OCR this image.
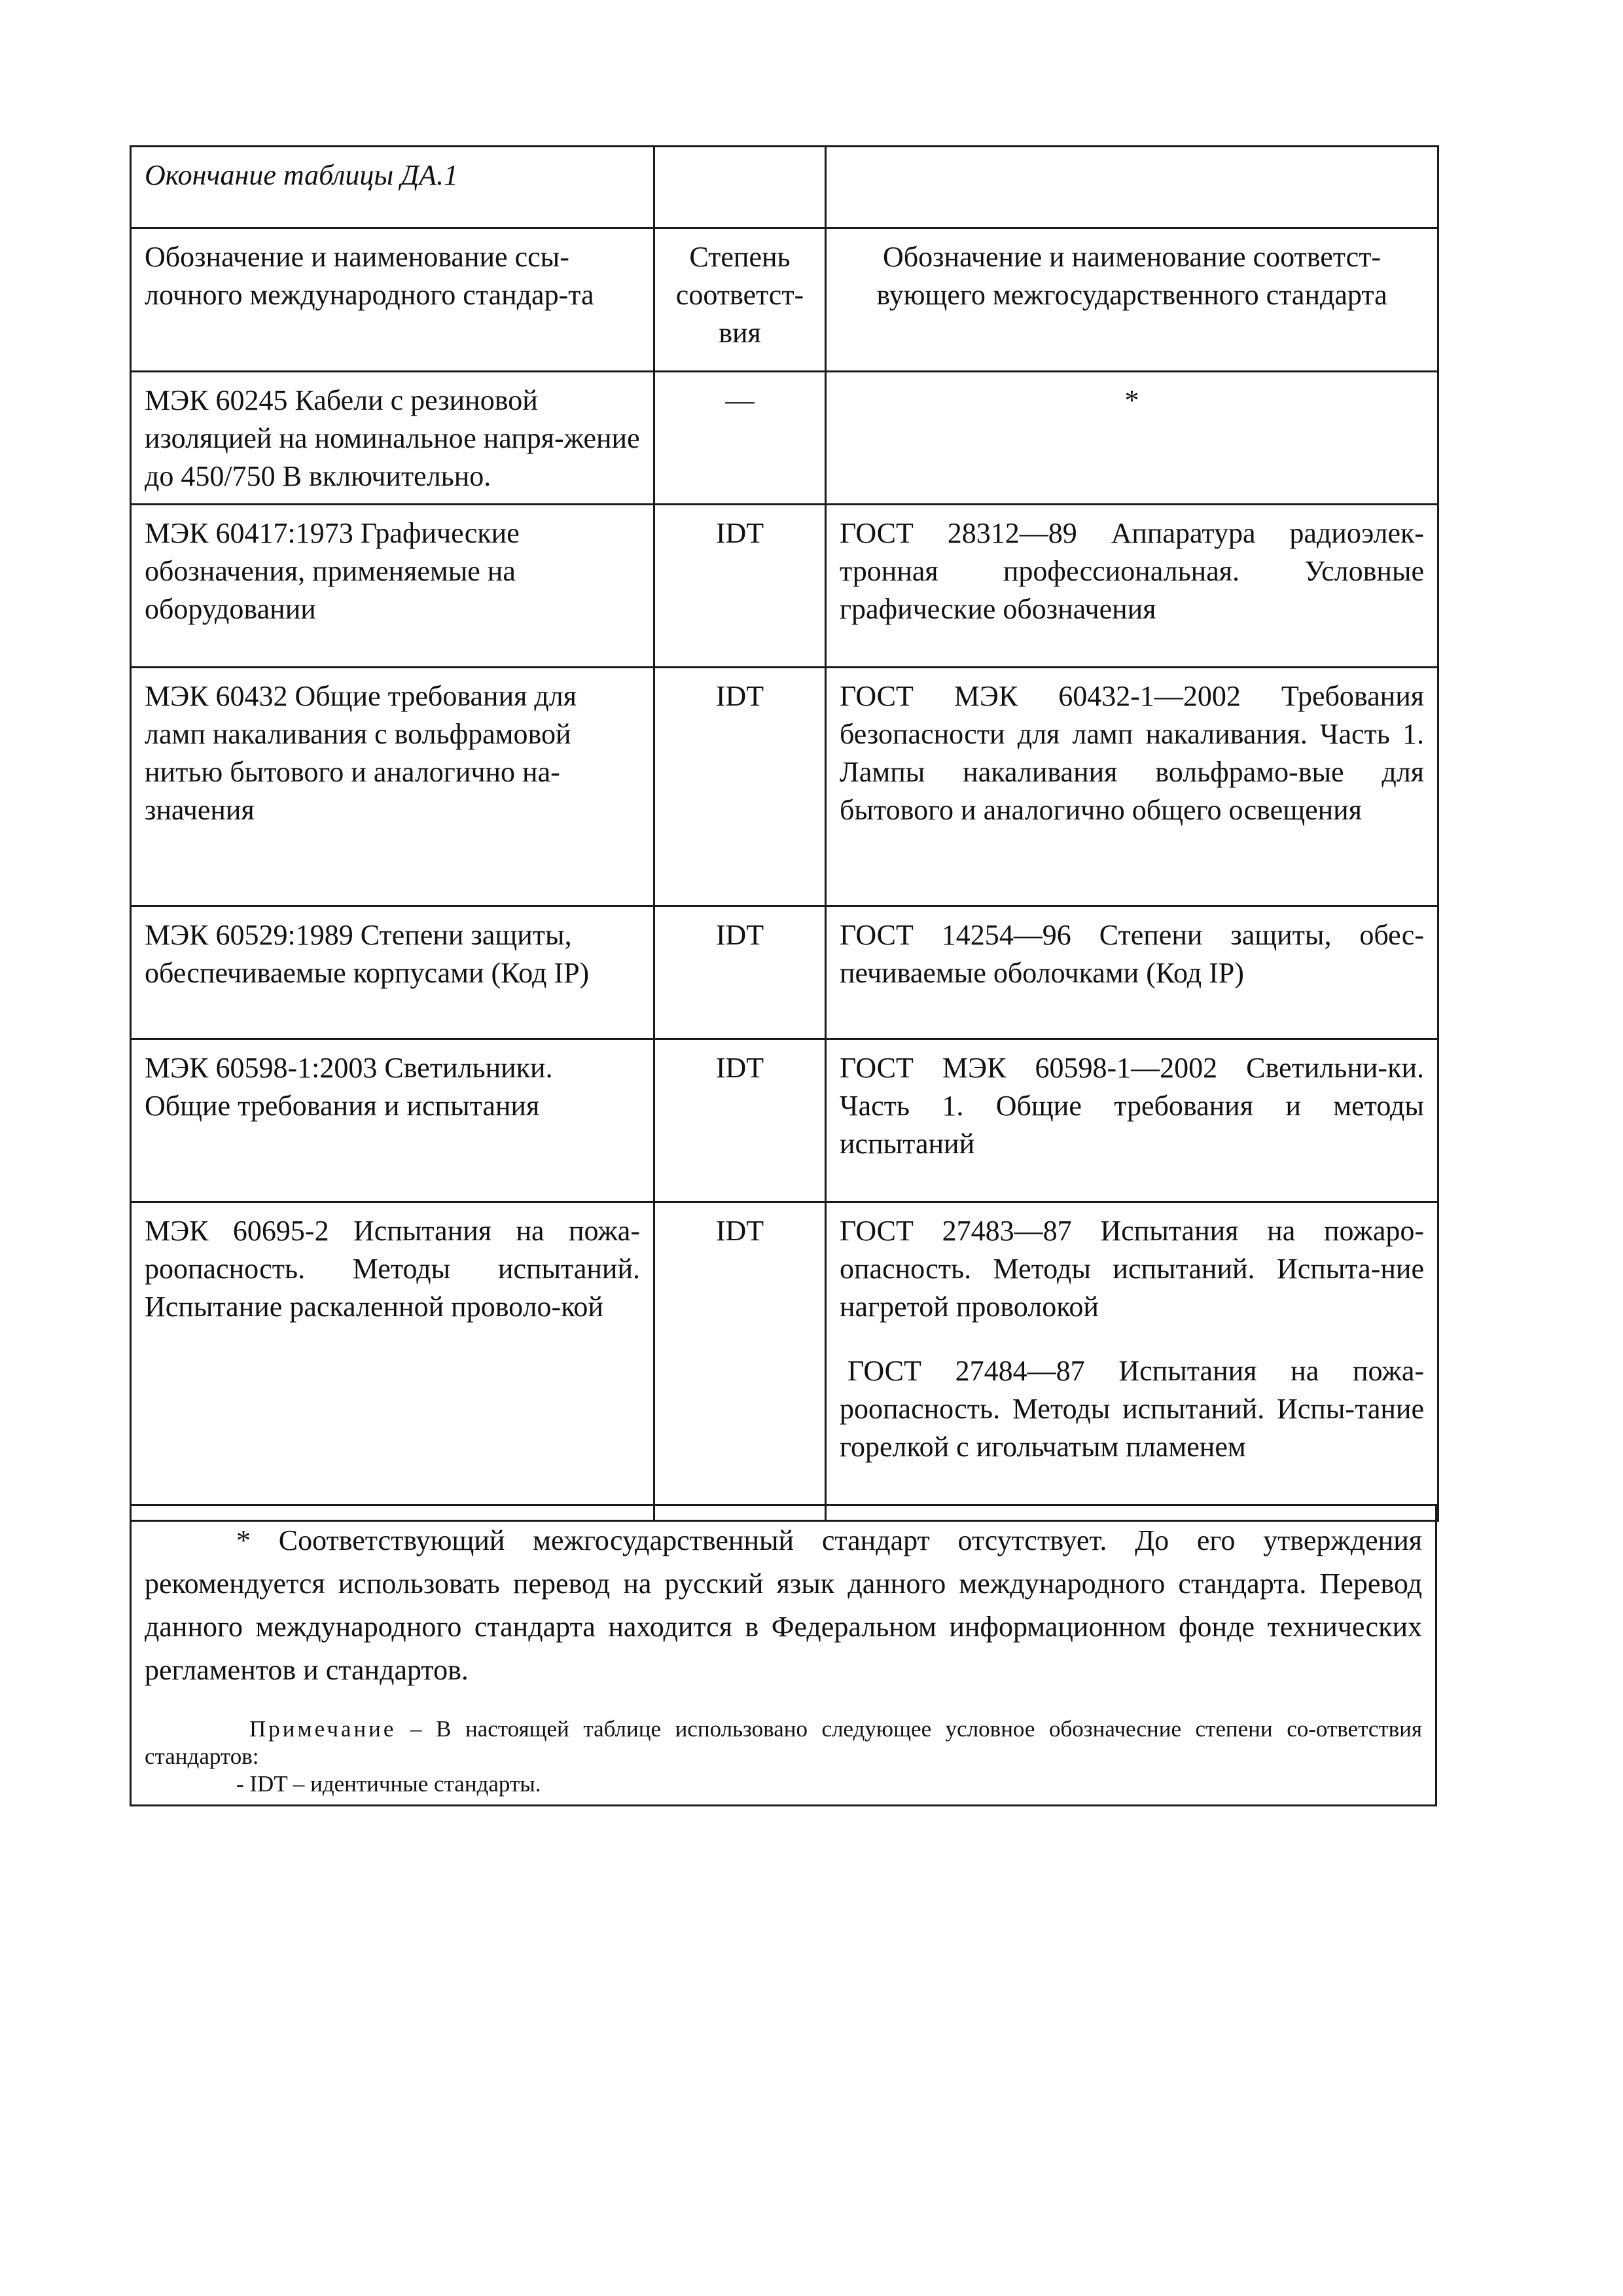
Окончание таблицы ДА.1		
Обозначение и наименование ссы-лочного международного стандар-та	Степень соответст-вия	Обозначение и наименование соответст-вующего межгосударственного стандарта
МЭК 60245 Кабели с резиновой изоляцией на номинальное напря-жение до 450/750 В включительно.	—	*
МЭК 60417:1973 Графические обозначения, применяемые на оборудовании	IDT	ГОСТ 28312—89 Аппаратура радиоэлек-тронная профессиональная. Условные графические обозначения
МЭК 60432 Общие требования для ламп накаливания с вольфрамовой нитью бытового и аналогично на-значения	IDT	ГОСТ МЭК 60432-1—2002 Требования безопасности для ламп накаливания. Часть 1. Лампы накаливания вольфрамо-вые для бытового и аналогично общего освещения
МЭК 60529:1989 Степени защиты, обеспечиваемые корпусами (Код IP)	IDT	ГОСТ 14254—96 Степени защиты, обес-печиваемые оболочками (Код IP)
МЭК 60598-1:2003 Светильники. Общие требования и испытания	IDT	ГОСТ МЭК 60598-1—2002 Светильни-ки. Часть 1. Общие требования и методы испытаний
МЭК 60695-2 Испытания на пожа-роопасность. Методы испытаний. Испытание раскаленной проволо-кой	IDT	ГОСТ 27483—87 Испытания на пожаро-опасность. Методы испытаний. Испыта-ние нагретой проволокой
ГОСТ 27484—87 Испытания на пожа-роопасность. Методы испытаний. Испы-тание горелкой с игольчатым пламенем

* Соответствующий межгосударственный стандарт отсутствует. До его утверждения рекомендуется использовать перевод на русский язык данного международного стандарта. Перевод данного международного стандарта находится в Федеральном информационном фонде технических регламентов и стандартов.

Примечание – В настоящей таблице использовано следующее условное обозначесние степени со-ответствия стандартов:

- IDT – идентичные стандарты.
